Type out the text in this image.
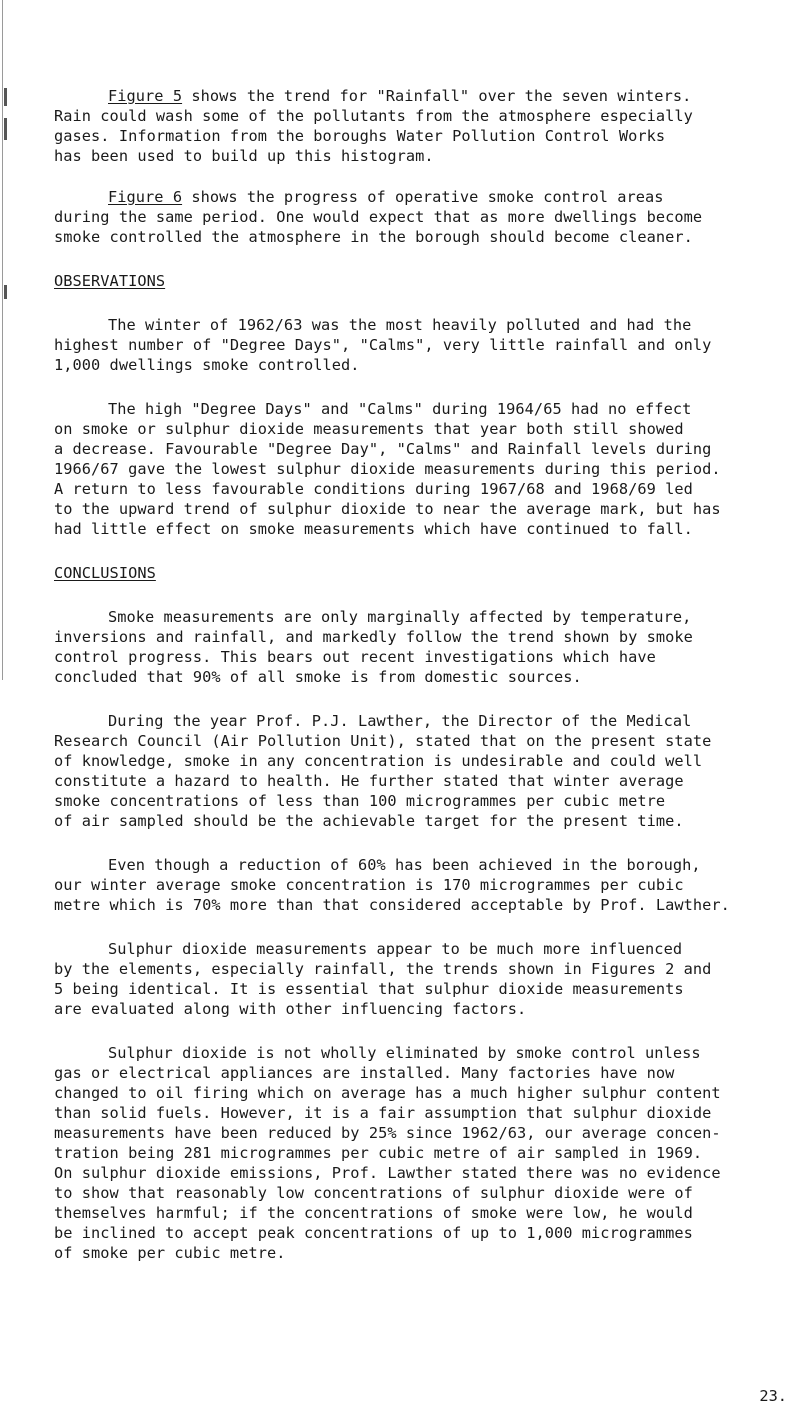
Figure 5 shows the trend for "Rainfall" over the seven winters.
Rain could wash some of the pollutants from the atmosphere especially
gases. Information from the boroughs Water Pollution Control Works
has been used to build up this histogram.
Figure 6 shows the progress of operative smoke control areas
during the same period. One would expect that as more dwellings become
smoke controlled the atmosphere in the borough should become cleaner.
OBSERVATIONS
The winter of 1962/63 was the most heavily polluted and had the
highest number of "Degree Days", "Calms", very little rainfall and only
1,000 dwellings smoke controlled.
The high "Degree Days" and "Calms" during 1964/65 had no effect
on smoke or sulphur dioxide measurements that year both still showed
a decrease. Favourable "Degree Day", "Calms" and Rainfall levels during
1966/67 gave the lowest sulphur dioxide measurements during this period.
A return to less favourable conditions during 1967/68 and 1968/69 led
to the upward trend of sulphur dioxide to near the average mark, but has
had little effect on smoke measurements which have continued to fall.
CONCLUSIONS
Smoke measurements are only marginally affected by temperature,
inversions and rainfall, and markedly follow the trend shown by smoke
control progress. This bears out recent investigations which have
concluded that 90% of all smoke is from domestic sources.
During the year Prof. P.J. Lawther, the Director of the Medical
Research Council (Air Pollution Unit), stated that on the present state
of knowledge, smoke in any concentration is undesirable and could well
constitute a hazard to health. He further stated that winter average
smoke concentrations of less than 100 microgrammes per cubic metre
of air sampled should be the achievable target for the present time.
Even though a reduction of 60% has been achieved in the borough,
our winter average smoke concentration is 170 microgrammes per cubic
metre which is 70% more than that considered acceptable by Prof. Lawther.
Sulphur dioxide measurements appear to be much more influenced
by the elements, especially rainfall, the trends shown in Figures 2 and
5 being identical. It is essential that sulphur dioxide measurements
are evaluated along with other influencing factors.
Sulphur dioxide is not wholly eliminated by smoke control unless
gas or electrical appliances are installed. Many factories have now
changed to oil firing which on average has a much higher sulphur content
than solid fuels. However, it is a fair assumption that sulphur dioxide
measurements have been reduced by 25% since 1962/63, our average concen-
tration being 281 microgrammes per cubic metre of air sampled in 1969.
On sulphur dioxide emissions, Prof. Lawther stated there was no evidence
to show that reasonably low concentrations of sulphur dioxide were of
themselves harmful; if the concentrations of smoke were low, he would
be inclined to accept peak concentrations of up to 1,000 microgrammes
of smoke per cubic metre.
23.
